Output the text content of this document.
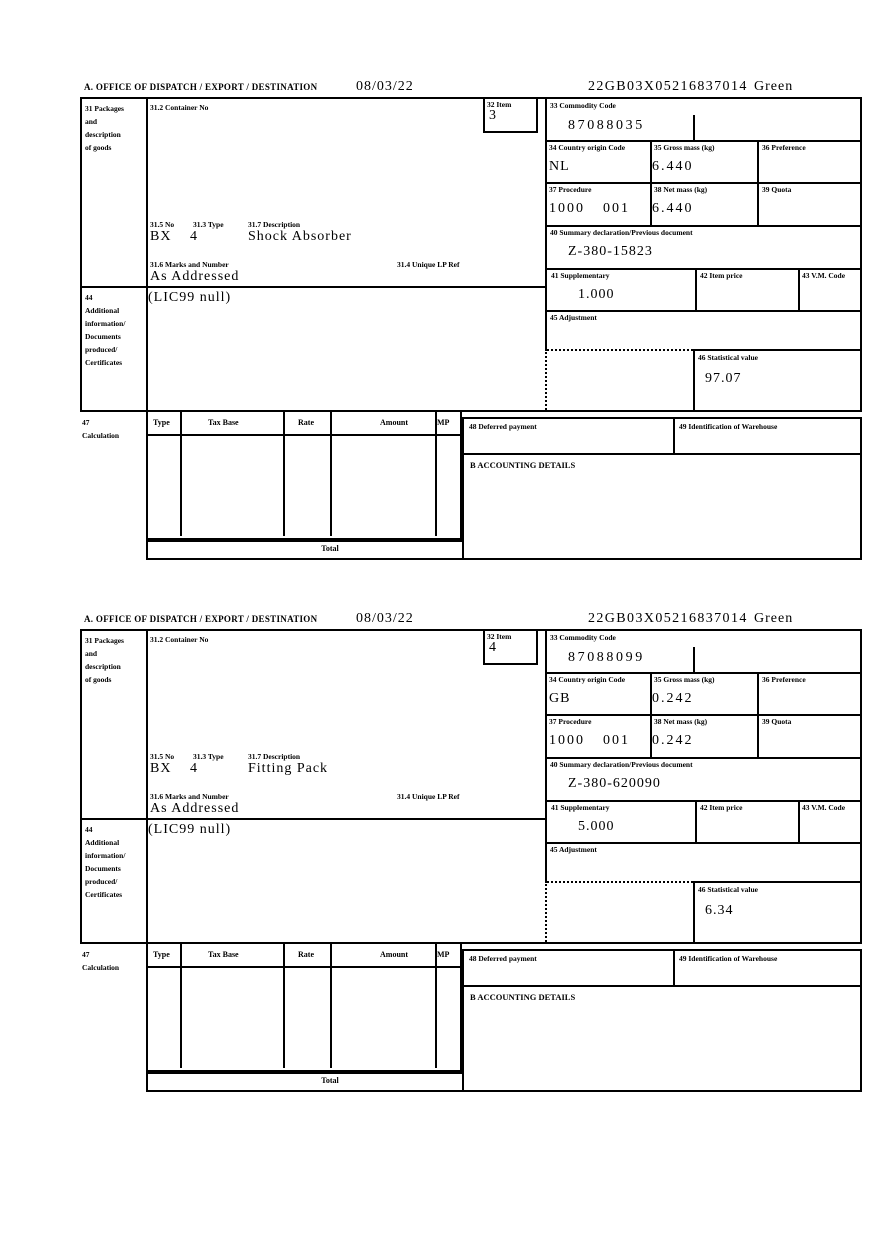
A. OFFICE OF DISPATCH / EXPORT / DESTINATION	08/03/22	22GB03X05216837014 Green
31 Packages
and
description
of goods
31.2 Container No	32 Item
3
31.5 No	31.3 Type	31.7 Description
BX 4	Shock Absorber
31.6 Marks and Number	31.4 Unique LP Ref
As Addressed
44
Additional
information/
Documents
produced/
Certificates
(LIC99 null)
33 Commodity Code
87088035
34 Country origin Code
NL
35 Gross mass (kg)
6.440
36 Preference
37 Procedure
1000 001
38 Net mass (kg)
6.440
39 Quota
40 Summary declaration/Previous document
Z-380-15823
41 Supplementary
1.000
42 Item price	43 V.M. Code
45 Adjustment
46 Statistical value
97.07
47
Calculation
Type	Tax Base	Rate	Amount	MP
Total
48 Deferred payment	49 Identification of Warehouse
B ACCOUNTING DETAILS
A. OFFICE OF DISPATCH / EXPORT / DESTINATION	08/03/22	22GB03X05216837014 Green
31 Packages
and
description
of goods
31.2 Container No	32 Item
4
31.5 No	31.3 Type	31.7 Description
BX 4	Fitting Pack
31.6 Marks and Number	31.4 Unique LP Ref
As Addressed
44
Additional
information/
Documents
produced/
Certificates
(LIC99 null)
33 Commodity Code
87088099
34 Country origin Code
GB
35 Gross mass (kg)
0.242
36 Preference
37 Procedure
1000 001
38 Net mass (kg)
0.242
39 Quota
40 Summary declaration/Previous document
Z-380-620090
41 Supplementary
5.000
42 Item price	43 V.M. Code
45 Adjustment
46 Statistical value
6.34
47
Calculation
Type	Tax Base	Rate	Amount	MP
Total
48 Deferred payment	49 Identification of Warehouse
B ACCOUNTING DETAILS
